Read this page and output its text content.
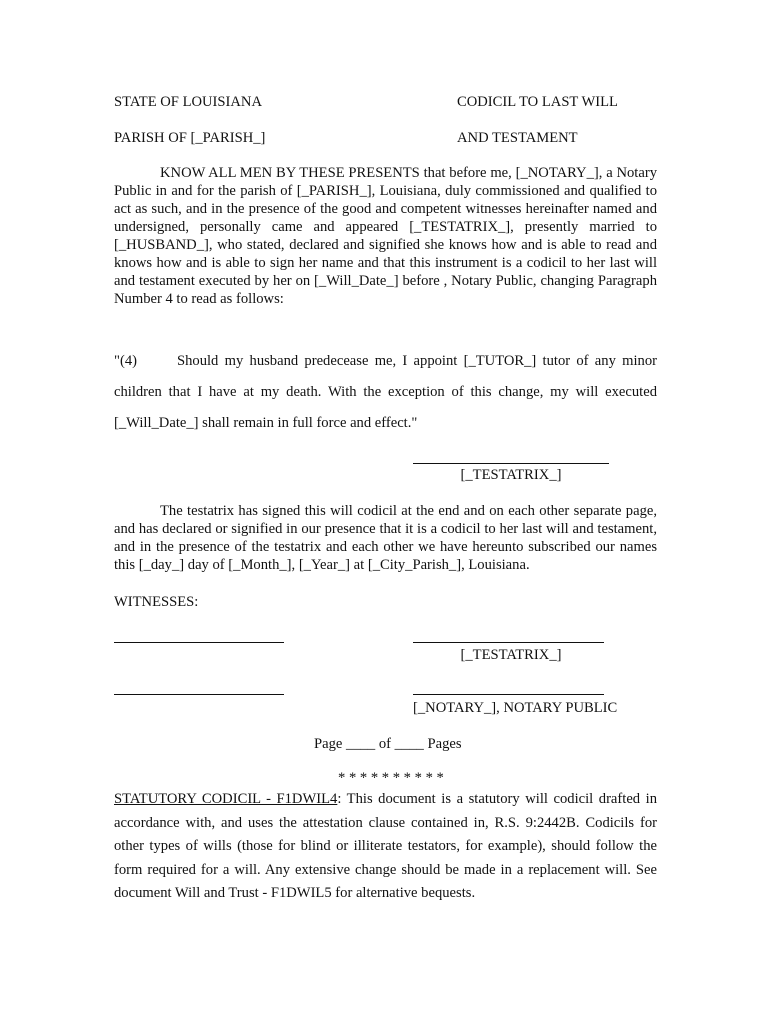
STATE OF LOUISIANA	CODICIL TO LAST WILL
PARISH OF [_PARISH_]	AND TESTAMENT
KNOW ALL MEN BY THESE PRESENTS that before me, [_NOTARY_], a Notary Public in and for the parish of [_PARISH_], Louisiana, duly commissioned and qualified to act as such, and in the presence of the good and competent witnesses hereinafter named and undersigned, personally came and appeared [_TESTATRIX_], presently married to [_HUSBAND_], who stated, declared and signified she knows how and is able to read and knows how and is able to sign her name and that this instrument is a codicil to her last will and testament executed by her on [_Will_Date_] before , Notary Public, changing Paragraph Number 4 to read as follows:
"(4)	Should my husband predecease me, I appoint [_TUTOR_] tutor of any minor children that I have at my death. With the exception of this change, my will executed [_Will_Date_] shall remain in full force and effect."
[_TESTATRIX_]
The testatrix has signed this will codicil at the end and on each other separate page, and has declared or signified in our presence that it is a codicil to her last will and testament, and in the presence of the testatrix and each other we have hereunto subscribed our names this [_day_] day of [_Month_], [_Year_] at [_City_Parish_], Louisiana.
WITNESSES:
[_TESTATRIX_]
[_NOTARY_], NOTARY PUBLIC
Page ____ of ____ Pages
* * * * * * * * * *
STATUTORY CODICIL - F1DWIL4: This document is a statutory will codicil drafted in accordance with, and uses the attestation clause contained in, R.S. 9:2442B. Codicils for other types of wills (those for blind or illiterate testators, for example), should follow the form required for a will. Any extensive change should be made in a replacement will. See document Will and Trust - F1DWIL5 for alternative bequests.
